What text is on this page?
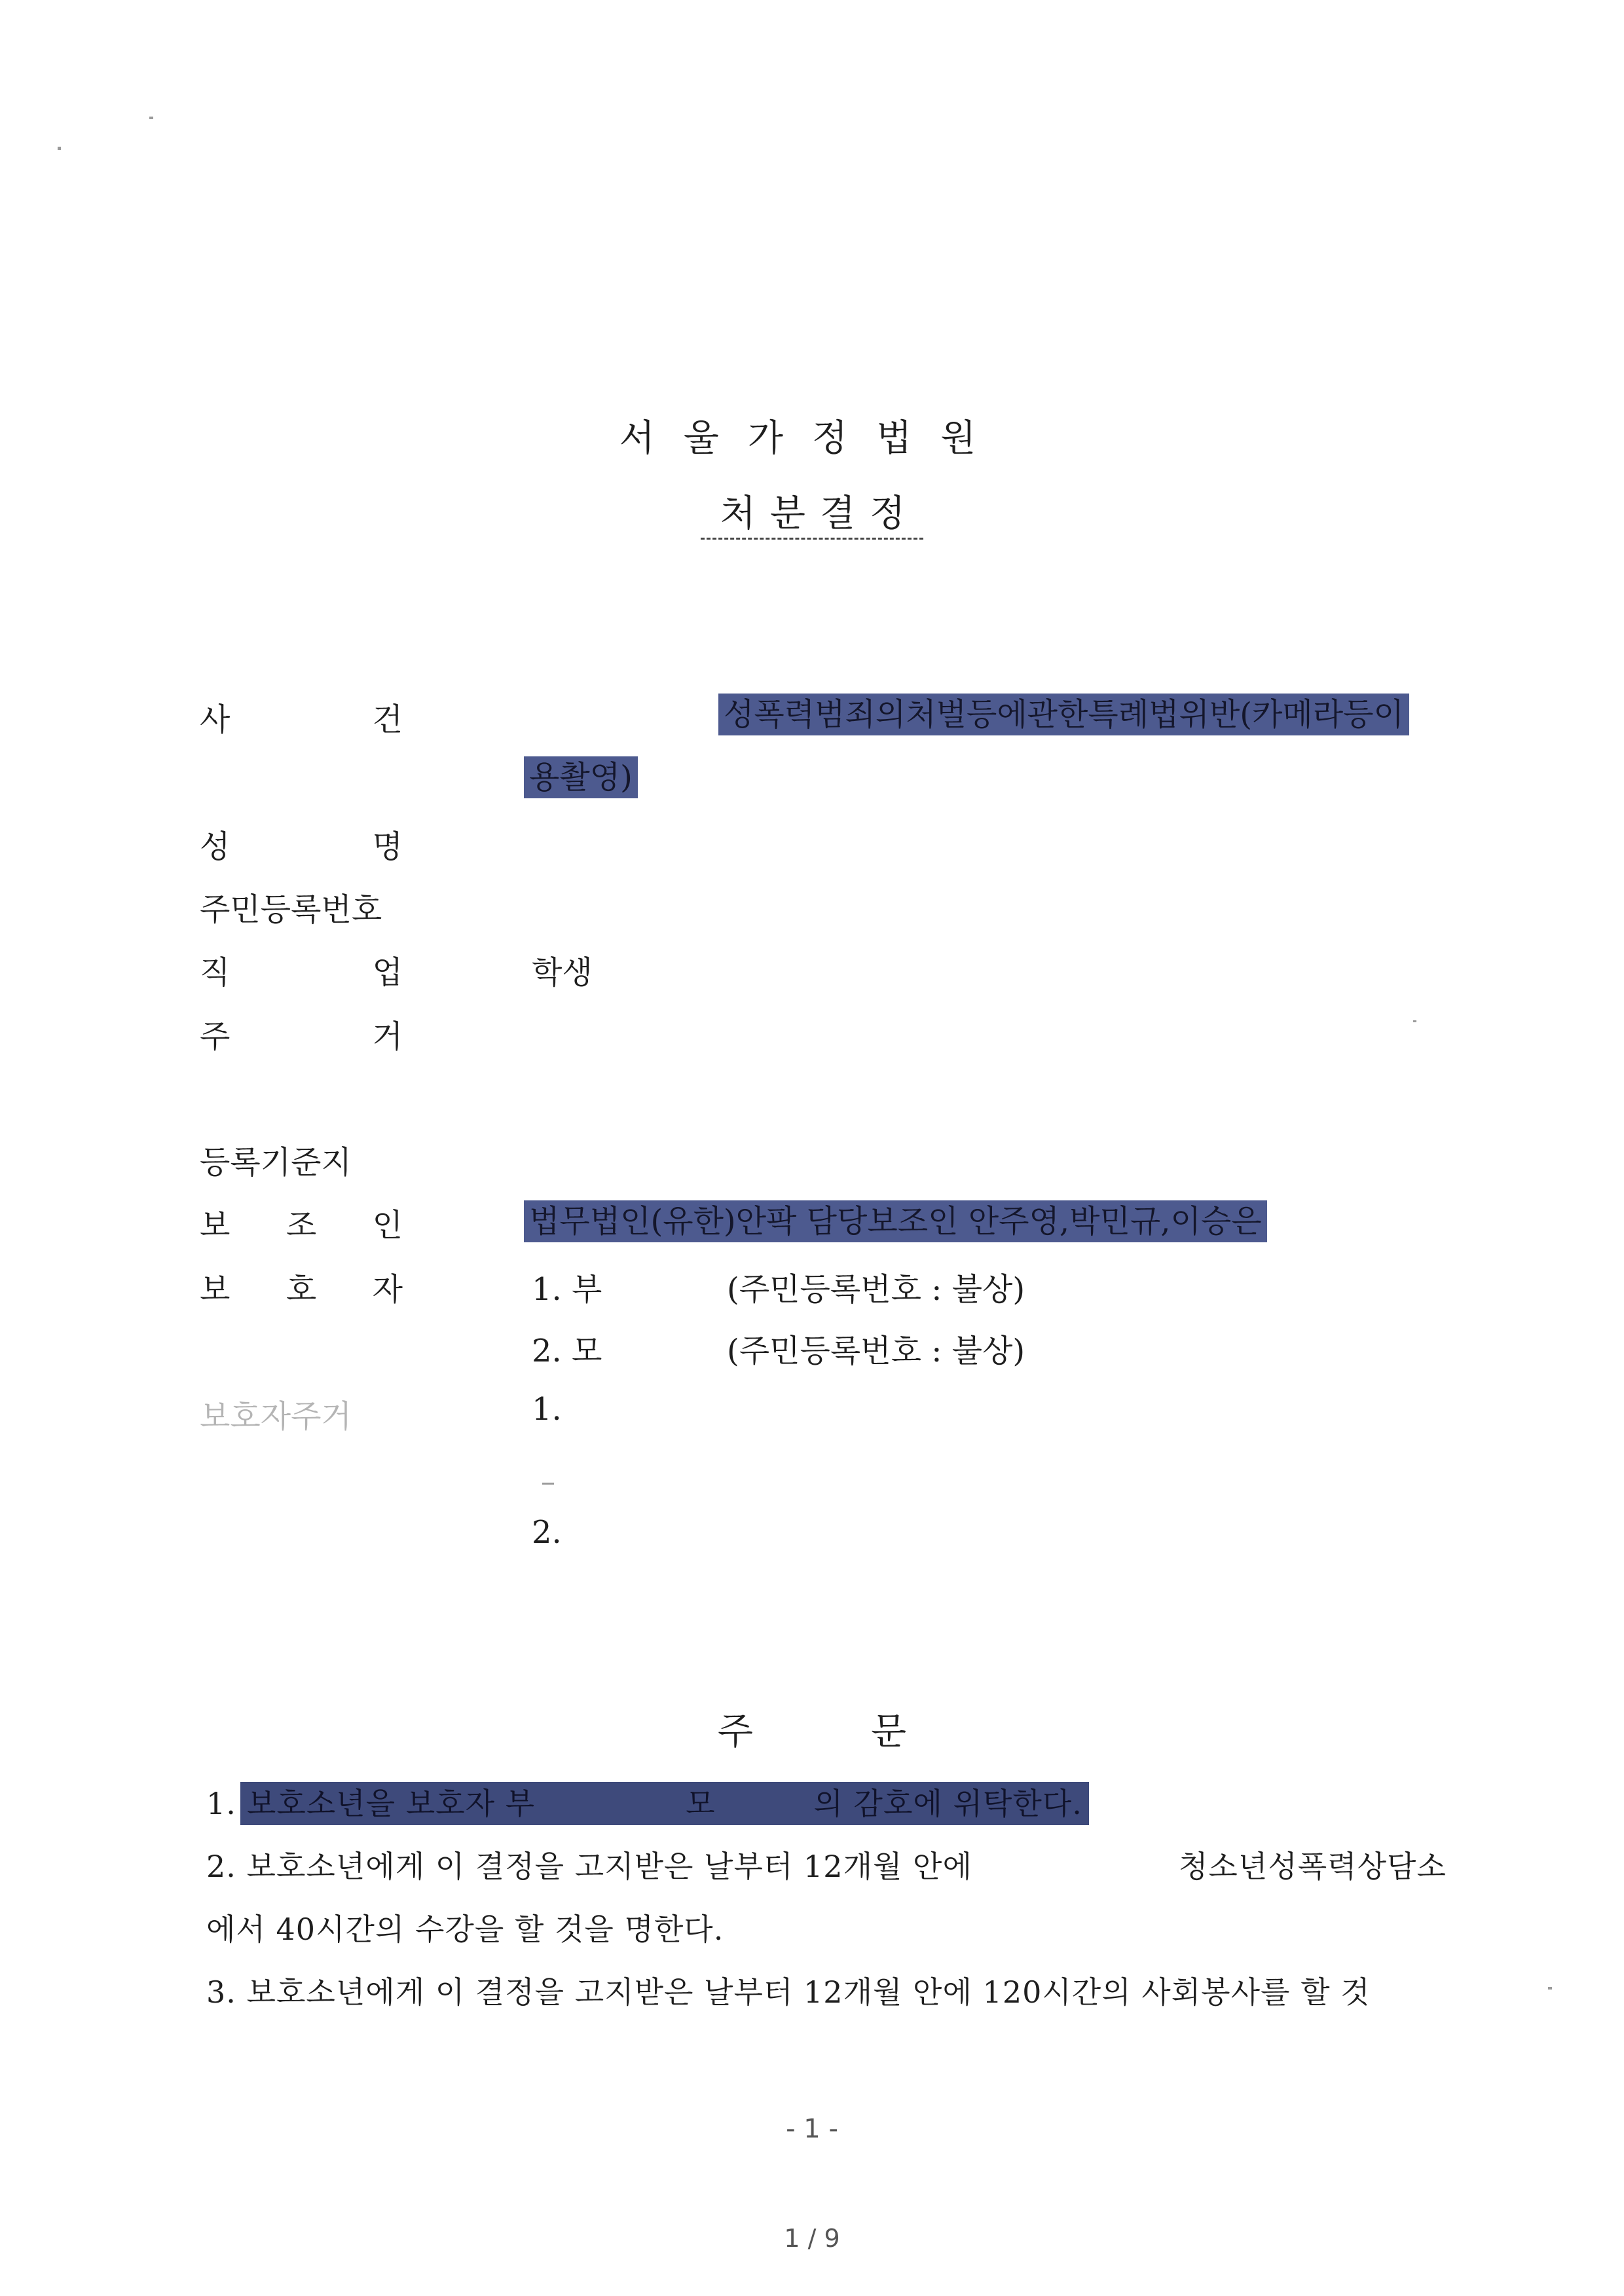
서울가정법원
처분결정
사	건	성폭력범죄의처벌등에관한특례법위반(카메라등이
용촬영)
성	명
주민등록번호
직	업	학생
주	거
등록기준지
보 조 인	법무법인(유한)안팍 담당보조인 안주영,박민규,이승은
보 호 자	1. 부	(주민등록번호 : 불상)
2. 모	(주민등록번호 : 불상)
보호자주거	1.
2.
주	문
1. 보호소년을 보호자 부	모	의 감호에 위탁한다.
2. 보호소년에게 이 결정을 고지받은 날부터 12개월 안에	청소년성폭력상담소
에서 40시간의 수강을 할 것을 명한다.
3. 보호소년에게 이 결정을 고지받은 날부터 12개월 안에 120시간의 사회봉사를 할 것
- 1 -
1 / 9
